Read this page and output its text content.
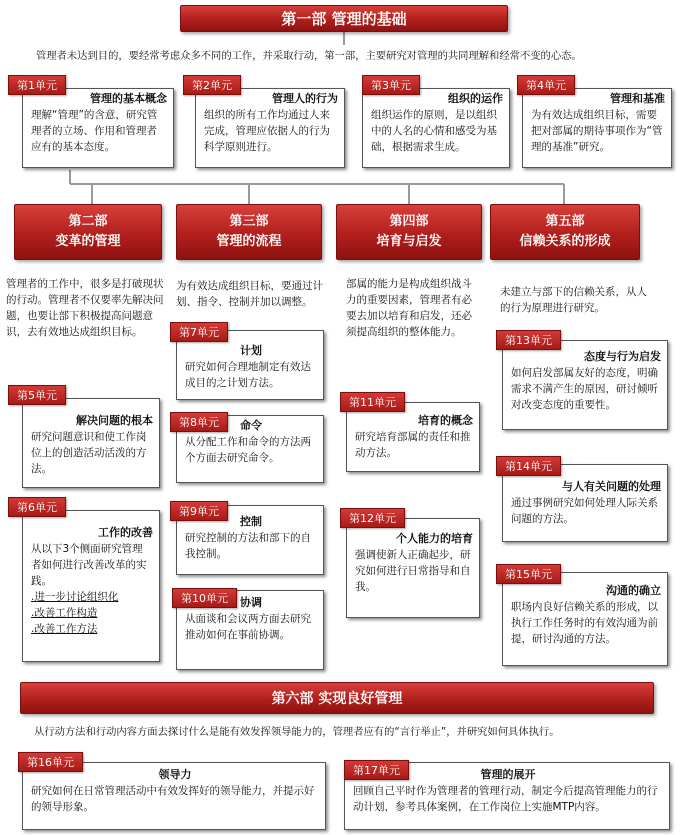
第一部 管理的基础

管理者未达到目的，要经常考虑众多不同的工作，并采取行动，第一部，主要研究对管理的共同理解和经常不变的心态。

管理的基本概念
理解“管理”的含意，研究管理者的立场、作用和管理者应有的基本态度。
第1单元
管理人的行为
组织的所有工作均通过人来完成，管理应依据人的行为科学原则进行。
第2单元
组织的运作
组织运作的原则，是以组织中的人名的心情和感受为基础，根据需求生成。
第3单元
管理和基准
为有效达成组织目标，需要把对部属的期待事项作为“管理的基准”研究。
第4单元
第二部
变革的管理

管理者的工作中，很多是打破现状的行动。管理者不仅要率先解决问题，也要让部下积极提高问题意识，去有效地达成组织目标。

解决问题的根本
研究问题意识和使工作岗位上的创造活动活泼的方法。
第5单元
工作的改善
从以下3个侧面研究管理者如何进行改善改革的实践。
.进一步讨论组织化
.改善工作构造
.改善工作方法
第6单元
第三部
管理的流程

为有效达成组织目标，要通过计划、指令、控制并加以调整。

计划
研究如何合理地制定有效达成目的之计划方法。
第7单元
命令
从分配工作和命令的方法两个方面去研究命令。
第8单元
控制
研究控制的方法和部下的自我控制。
第9单元
协调
从面谈和会议两方面去研究推动如何在事前协调。
第10单元
第四部
培育与启发

部属的能力是构成组织战斗力的重要因素，管理者有必要去加以培育和启发，还必须提高组织的整体能力。

培育的概念
研究培育部属的责任和推动方法。
第11单元
个人能力的培育
强调使新人正确起步，研究如何进行日常指导和自我。
第12单元
第五部
信赖关系的形成

未建立与部下的信赖关系，从人的行为原理进行研究。

态度与行为启发
如何启发部属友好的态度，明确需求不满产生的原因，研讨倾听对改变态度的重要性。
第13单元
与人有关问题的处理
通过事例研究如何处理人际关系问题的方法。
第14单元
沟通的确立
职场内良好信赖关系的形成，以执行工作任务时的有效沟通为前提，研讨沟通的方法。
第15单元
第六部 实现良好管理

从行动方法和行动内容方面去探讨什么是能有效发挥领导能力的，管理者应有的“言行举止”，并研究如何具体执行。

领导力
研究如何在日常管理活动中有效发挥好的领导能力，并提示好的领导形象。
第16单元
管理的展开
回顾自己平时作为管理者的管理行动，制定今后提高管理能力的行动计划，参考具体案例，在工作岗位上实施MTP内容。
第17单元
